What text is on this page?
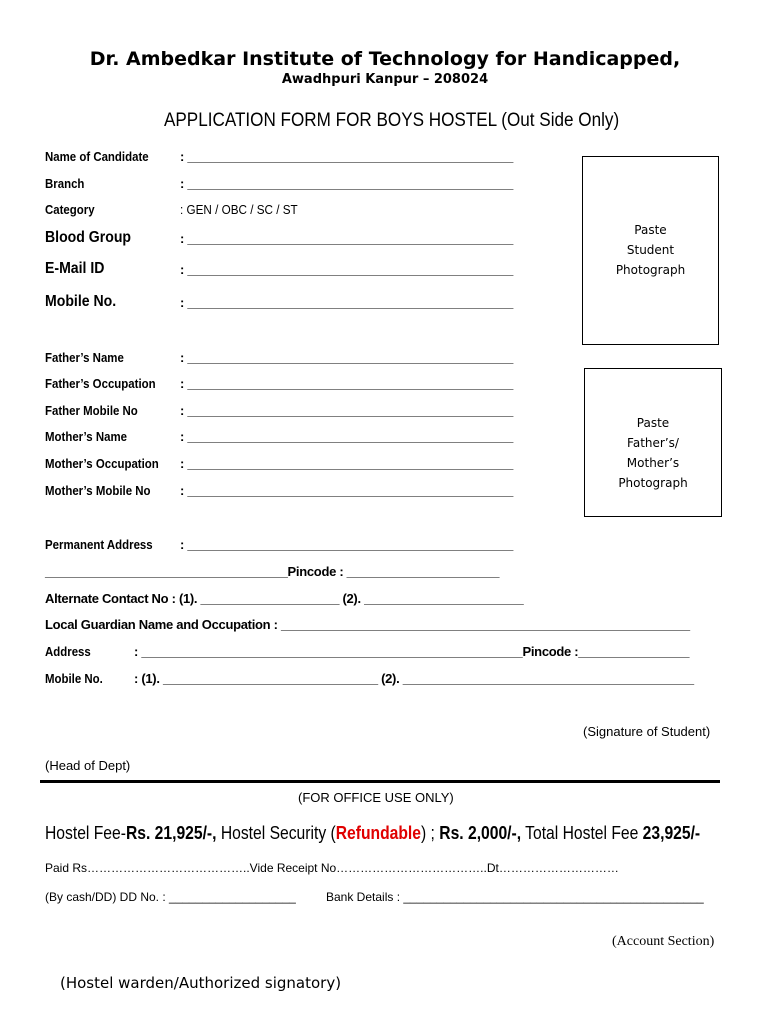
Dr. Ambedkar Institute of Technology for Handicapped,
Awadhpuri Kanpur – 208024
APPLICATION FORM FOR BOYS HOSTEL (Out Side Only)
Name of Candidate : _______________________________________________
Branch	: _______________________________________________
Category	: GEN / OBC / SC / ST
Blood Group	: _______________________________________________
E-Mail ID	: _______________________________________________
Mobile No.	: _______________________________________________
Paste
Student
Photograph
Father’s Name	: _______________________________________________
Father’s Occupation : _______________________________________________
Father Mobile No	: _______________________________________________
Mother’s Name	: _______________________________________________
Mother’s Occupation : _______________________________________________
Mother’s Mobile No : _______________________________________________
Paste
Father’s/
Mother’s
Photograph
Permanent Address : _______________________________________________
___________________________________Pincode : ______________________
Alternate Contact No : (1). ____________________ (2). _______________________
Local Guardian Name and Occupation : ___________________________________________________________
Address	: _______________________________________________________Pincode :________________
Mobile No. : (1). _______________________________ (2). __________________________________________
(Signature of Student)
(Head of Dept)
(FOR OFFICE USE ONLY)
Hostel Fee-Rs. 21,925/-, Hostel Security (Refundable) ; Rs. 2,000/-, Total Hostel Fee 23,925/-
Paid Rs…………………………………..Vide Receipt No………………………………..Dt…………………………
(By cash/DD) DD No. : ___________________	Bank Details : _____________________________________________
(Account Section)
(Hostel warden/Authorized signatory)
